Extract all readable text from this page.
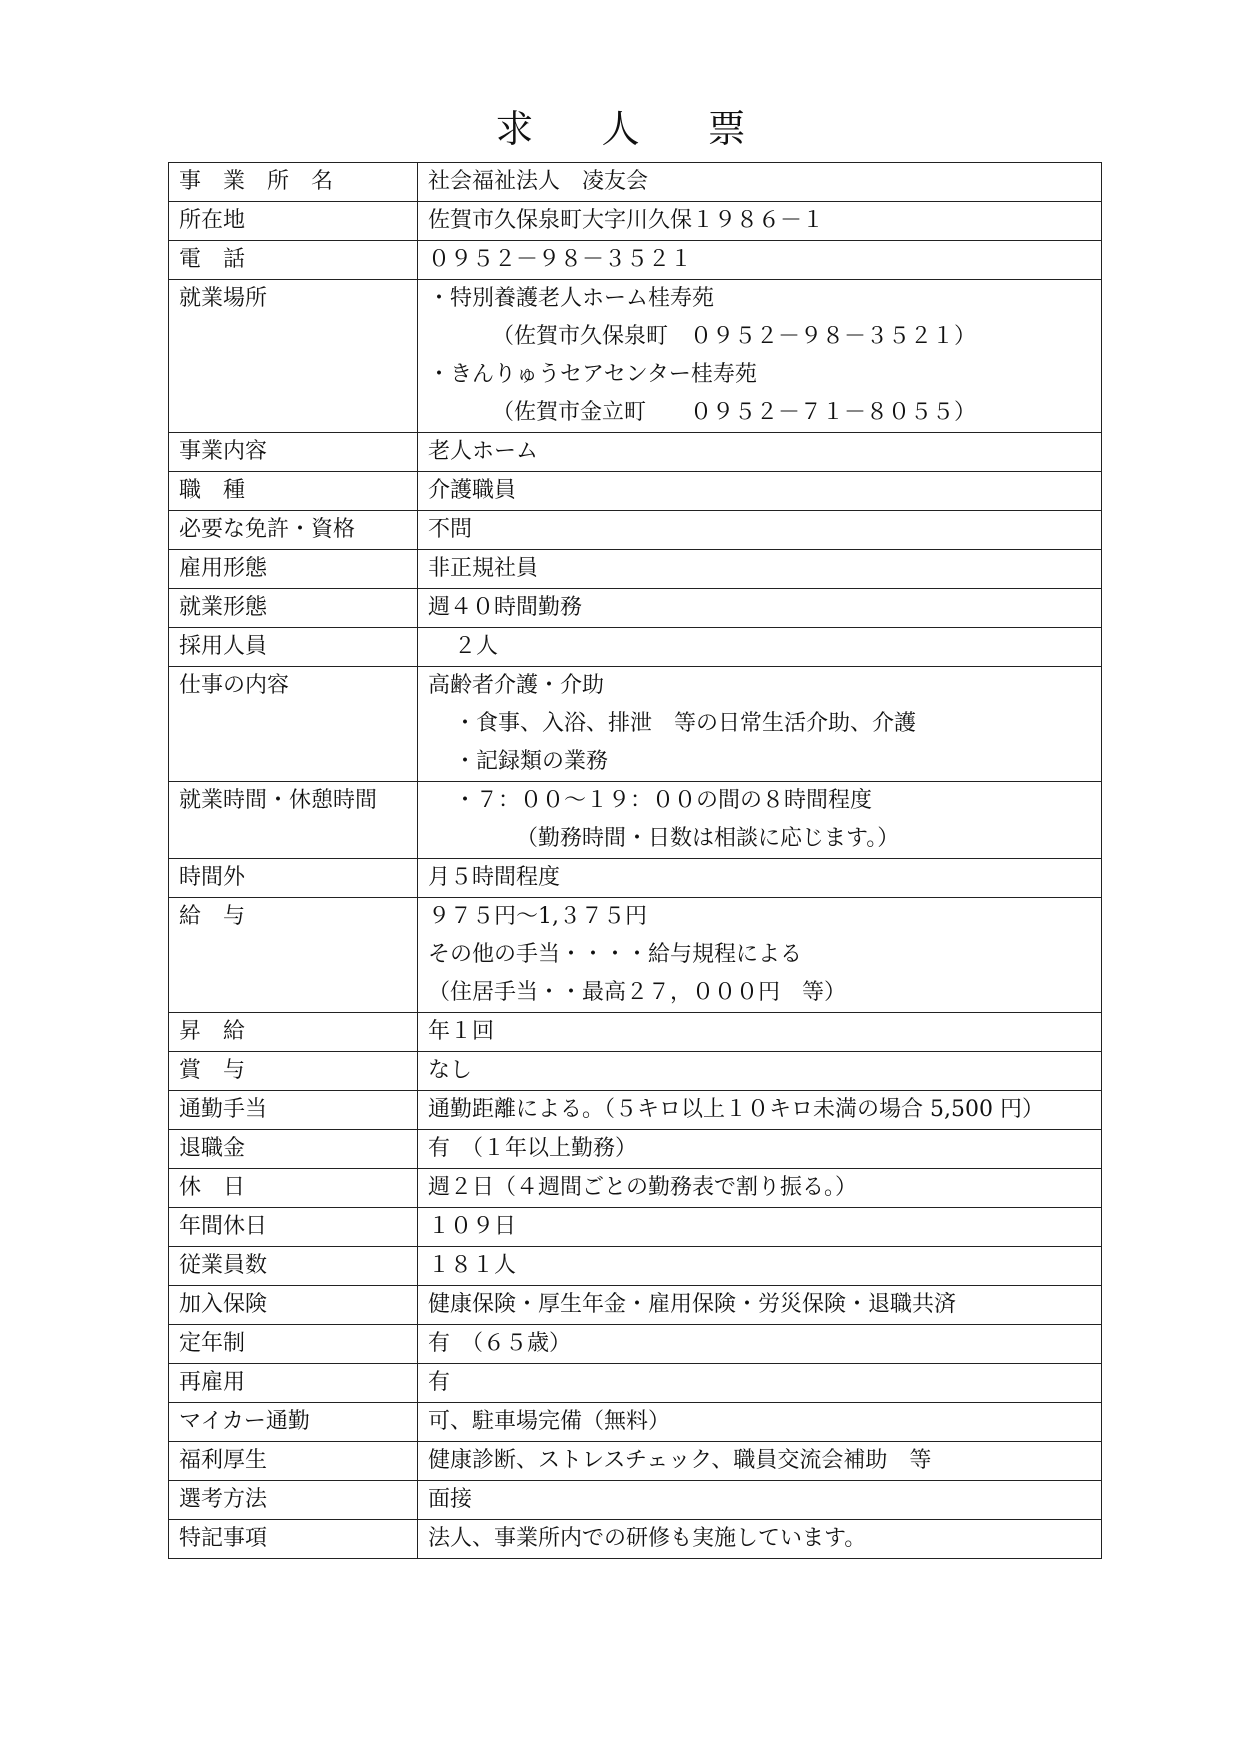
求 人 票
事　業　所　名	社会福祉法人　凌友会

所在地	佐賀市久保泉町大字川久保１９８６－１

電　話	０９５２－９８－３５２１

就業場所	・特別養護老人ホーム桂寿苑
（佐賀市久保泉町　０９５２－９８－３５２１）
・きんりゅうセアセンター桂寿苑
（佐賀市金立町　　０９５２－７１－８０５５）

事業内容	老人ホーム

職　種	介護職員

必要な免許・資格	不問

雇用形態	非正規社員

就業形態	週４０時間勤務

採用人員	２人

仕事の内容	高齢者介護・介助
・食事、入浴、排泄　等の日常生活介助、介護
・記録類の業務

就業時間・休憩時間	・７：００～１９：００の間の８時間程度
（勤務時間・日数は相談に応じます。）

時間外	月５時間程度

給　与	９７５円～1,３７５円
その他の手当・・・・給与規程による
（住居手当・・最高２７，０００円　等）

昇　給	年１回

賞　与	なし

通勤手当	通勤距離による。（５キロ以上１０キロ未満の場合 5,500 円）

退職金	有　（１年以上勤務）

休　日	週２日（４週間ごとの勤務表で割り振る。）

年間休日	１０９日

従業員数	１８１人

加入保険	健康保険・厚生年金・雇用保険・労災保険・退職共済

定年制	有　（６５歳）

再雇用	有

マイカー通勤	可、駐車場完備（無料）

福利厚生	健康診断、ストレスチェック、職員交流会補助　等

選考方法	面接

特記事項	法人、事業所内での研修も実施しています。
